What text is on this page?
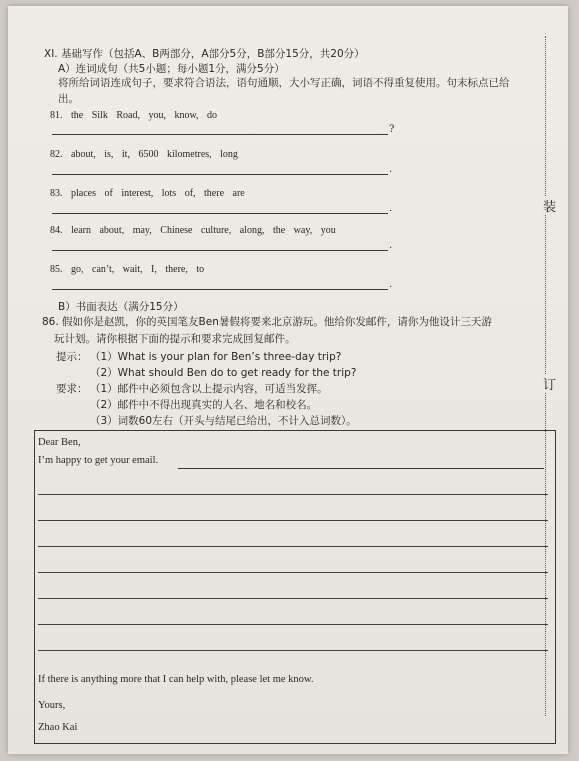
装
订
XI. 基础写作（包括A、B两部分，A部分5分，B部分15分，共20分）
A）连词成句（共5小题；每小题1分，满分5分）
将所给词语连成句子，要求符合语法，语句通顺，大小写正确，词语不得重复使用。句末标点已给出。
81. the Silk Road, you, know, do
?
82. about, is, it, 6500 kilometres, long
.
83. places of interest, lots of, there are
.
84. learn about, may, Chinese culture, along, the way, you
.
85. go, can’t, wait, I, there, to
.
B）书面表达（满分15分）
86. 假如你是赵凯，你的英国笔友Ben暑假将要来北京游玩。他给你发邮件，请你为他设计三天游
玩计划。请你根据下面的提示和要求完成回复邮件。
提示： （1）What is your plan for Ben’s three-day trip?
（2）What should Ben do to get ready for the trip?
要求： （1）邮件中必须包含以上提示内容，可适当发挥。
（2）邮件中不得出现真实的人名、地名和校名。
（3）词数60左右（开头与结尾已给出，不计入总词数）。
Dear Ben,
I’m happy to get your email.
If there is anything more that I can help with, please let me know.
Yours,
Zhao Kai
